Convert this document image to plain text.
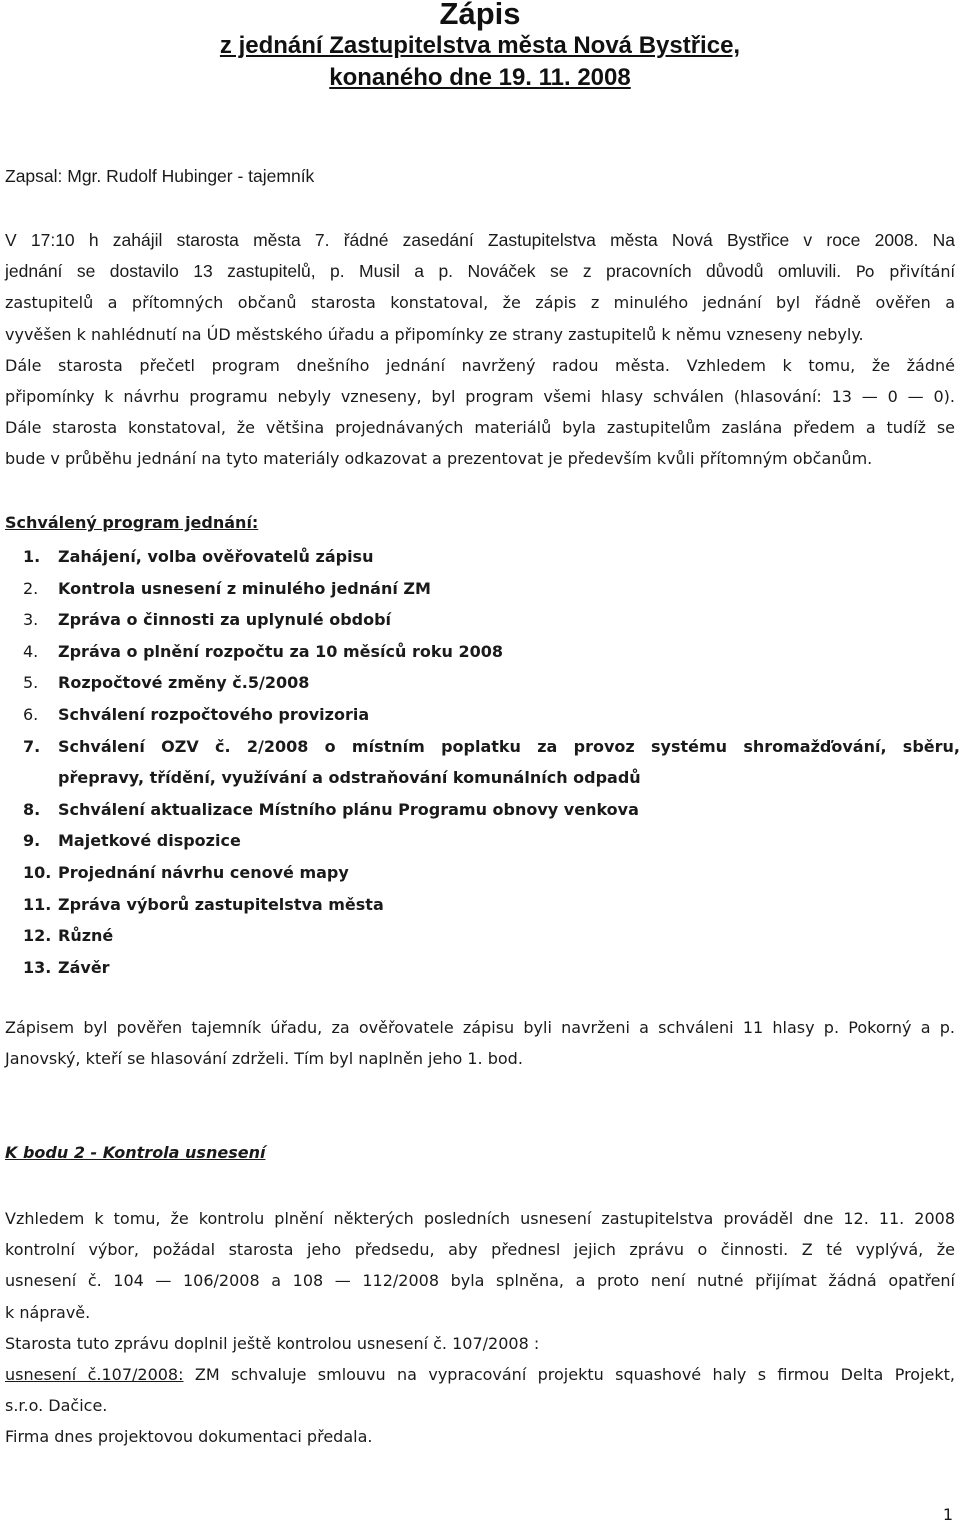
Zápis
z jednání Zastupitelstva města Nová Bystřice,
konaného dne 19. 11. 2008
Zapsal: Mgr. Rudolf Hubinger - tajemník
V 17:10 h zahájil starosta města 7. řádné zasedání Zastupitelstva města Nová Bystřice v roce 2008. Na
jednání se dostavilo 13 zastupitelů, p. Musil a p. Nováček se z pracovních důvodů omluvili. Po přivítání
zastupitelů a přítomných občanů starosta konstatoval, že zápis z minulého jednání byl řádně ověřen a
vyvěšen k nahlédnutí na ÚD městského úřadu a připomínky ze strany zastupitelů k němu vzneseny nebyly.
Dále starosta přečetl program dnešního jednání navržený radou města. Vzhledem k tomu, že žádné
připomínky k návrhu programu nebyly vzneseny, byl program všemi hlasy schválen (hlasování: 13 — 0 — 0).
Dále starosta konstatoval, že většina projednávaných materiálů byla zastupitelům zaslána předem a tudíž se
bude v průběhu jednání na tyto materiály odkazovat a prezentovat je především kvůli přítomným občanům.
Schválený program jednání:
1.	Zahájení, volba ověřovatelů zápisu
2.	Kontrola usnesení z minulého jednání ZM
3.	Zpráva o činnosti za uplynulé období
4.	Zpráva o plnění rozpočtu za 10 měsíců roku 2008
5.	Rozpočtové změny č.5/2008
6.	Schválení rozpočtového provizoria
7.	Schválení OZV č. 2/2008 o místním poplatku za provoz systému shromažďování, sběru,
přepravy, třídění, využívání a odstraňování komunálních odpadů
8.	Schválení aktualizace Místního plánu Programu obnovy venkova
9.	Majetkové dispozice
10. Projednání návrhu cenové mapy
11. Zpráva výborů zastupitelstva města
12. Různé
13. Závěr
Zápisem byl pověřen tajemník úřadu, za ověřovatele zápisu byli navrženi a schváleni 11 hlasy p. Pokorný a p.
Janovský, kteří se hlasování zdrželi. Tím byl naplněn jeho 1. bod.
K bodu 2 - Kontrola usnesení
Vzhledem k tomu, že kontrolu plnění některých posledních usnesení zastupitelstva prováděl dne 12. 11. 2008
kontrolní výbor, požádal starosta jeho předsedu, aby přednesl jejich zprávu o činnosti. Z té vyplývá, že
usnesení č. 104 — 106/2008 a 108 — 112/2008 byla splněna, a proto není nutné přijímat žádná opatření
k nápravě.
Starosta tuto zprávu doplnil ještě kontrolou usnesení č. 107/2008 :
usnesení č.107/2008: ZM schvaluje smlouvu na vypracování projektu squashové haly s firmou Delta Projekt,
s.r.o. Dačice.
Firma dnes projektovou dokumentaci předala.
1
